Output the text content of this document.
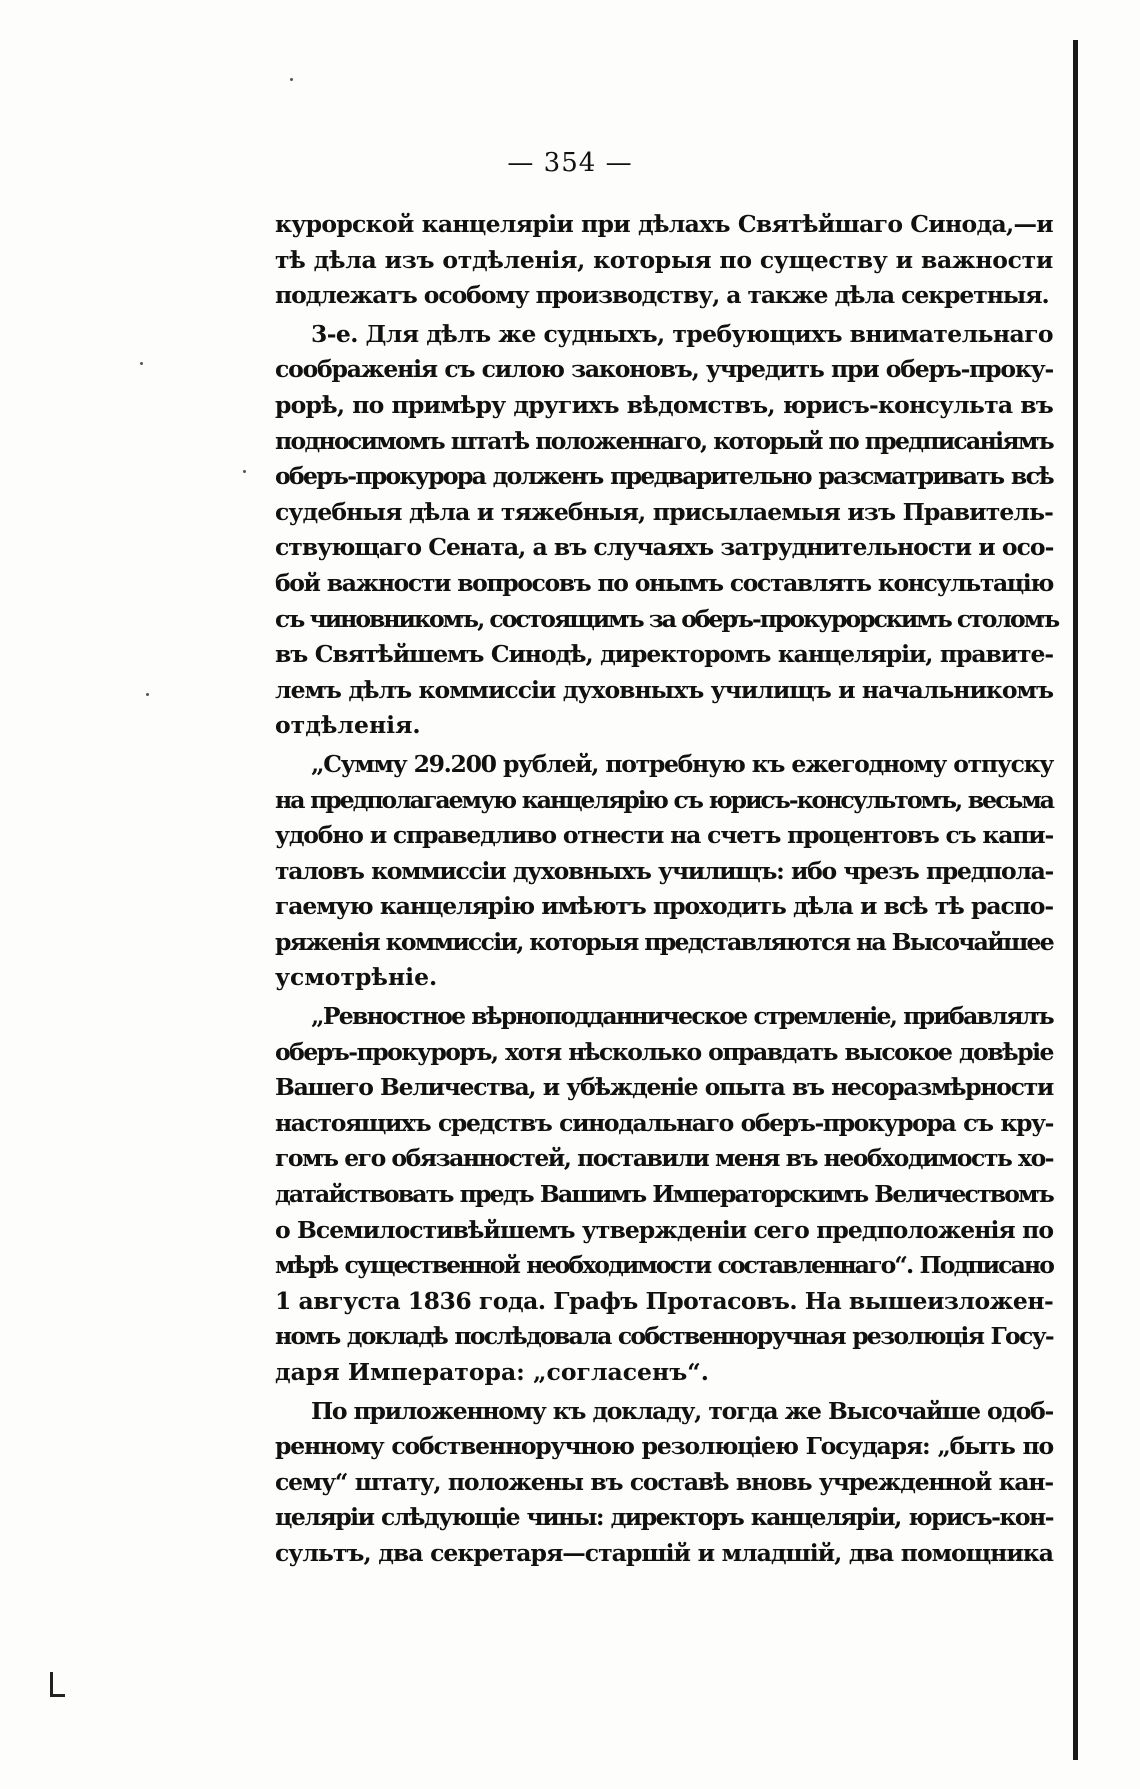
— 354 —
курорской канцеляріи при дѣлахъ Святѣйшаго Синода,—и
тѣ дѣла изъ отдѣленія, которыя по существу и важности
подлежатъ особому производству, а также дѣла секретныя.
3-е. Для дѣлъ же судныхъ, требующихъ внимательнаго
соображенія съ силою законовъ, учредить при оберъ-проку-
рорѣ, по примѣру другихъ вѣдомствъ, юрисъ-консульта въ
подносимомъ штатѣ положеннаго, который по предписаніямъ
оберъ-прокурора долженъ предварительно разсматривать всѣ
судебныя дѣла и тяжебныя, присылаемыя изъ Правитель-
ствующаго Сената, а въ случаяхъ затруднительности и осо-
бой важности вопросовъ по онымъ составлять консультацію
съ чиновникомъ, состоящимъ за оберъ-прокурорскимъ столомъ
въ Святѣйшемъ Синодѣ, директоромъ канцеляріи, правите-
лемъ дѣлъ коммиссіи духовныхъ училищъ и начальникомъ
отдѣленія.
„Сумму 29.200 рублей, потребную къ ежегодному отпуску
на предполагаемую канцелярію съ юрисъ-консультомъ, весьма
удобно и справедливо отнести на счетъ процентовъ съ капи-
таловъ коммиссіи духовныхъ училищъ: ибо чрезъ предпола-
гаемую канцелярію имѣютъ проходить дѣла и всѣ тѣ распо-
ряженія коммиссіи, которыя представляются на Высочайшее
усмотрѣніе.
„Ревностное вѣрноподданническое стремленіе, прибавлялъ
оберъ-прокуроръ, хотя нѣсколько оправдать высокое довѣріе
Вашего Величества, и убѣжденіе опыта въ несоразмѣрности
настоящихъ средствъ синодальнаго оберъ-прокурора съ кру-
гомъ его обязанностей, поставили меня въ необходимость хо-
датайствовать предъ Вашимъ Императорскимъ Величествомъ
о Всемилостивѣйшемъ утвержденіи сего предположенія по
мѣрѣ существенной необходимости составленнаго“. Подписано
1 августа 1836 года. Графъ Протасовъ. На вышеизложен-
номъ докладѣ послѣдовала собственноручная резолюція Госу-
даря Императора: „согласенъ“.
По приложенному къ докладу, тогда же Высочайше одоб-
ренному собственноручною резолюціею Государя: „быть по
сему“ штату, положены въ составѣ вновь учрежденной кан-
целяріи слѣдующіе чины: директоръ канцеляріи, юрисъ-кон-
сультъ, два секретаря—старшій и младшій, два помощника
